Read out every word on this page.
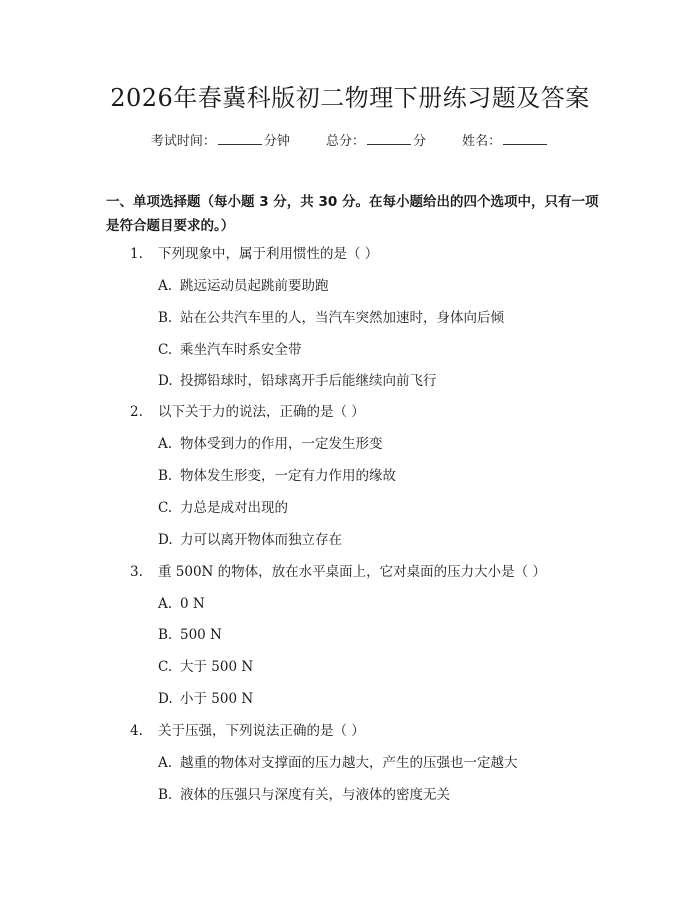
2026年春冀科版初二物理下册练习题及答案
考试时间：	分钟	总分：	分	姓名：
一、单项选择题（每小题 3 分，共 30 分。在每小题给出的四个选项中，只有一项是符合题目要求的。）
1. 下列现象中，属于利用惯性的是（ ）
A. 跳远运动员起跳前要助跑
B. 站在公共汽车里的人，当汽车突然加速时，身体向后倾
C. 乘坐汽车时系安全带
D. 投掷铅球时，铅球离开手后能继续向前飞行
2. 以下关于力的说法，正确的是（ ）
A. 物体受到力的作用，一定发生形变
B. 物体发生形变，一定有力作用的缘故
C. 力总是成对出现的
D. 力可以离开物体而独立存在
3. 重 500N 的物体，放在水平桌面上，它对桌面的压力大小是（ ）
A. 0 N
B. 500 N
C. 大于 500 N
D. 小于 500 N
4. 关于压强，下列说法正确的是（ ）
A. 越重的物体对支撑面的压力越大，产生的压强也一定越大
B. 液体的压强只与深度有关，与液体的密度无关
